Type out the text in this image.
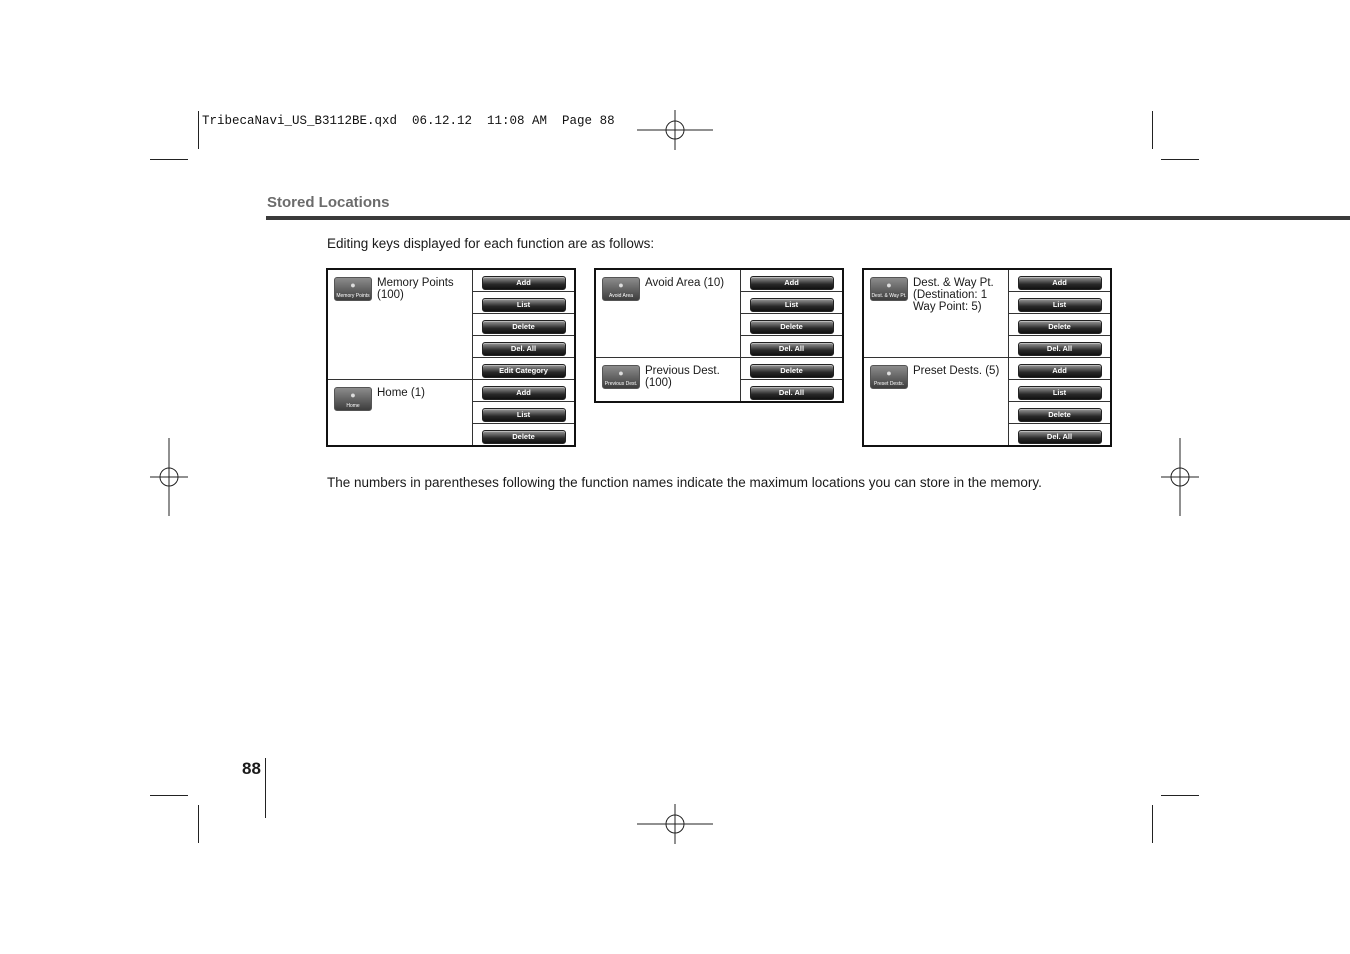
TribecaNavi_US_B3112BE.qxd  06.12.12  11:08 AM  Page 88
Stored Locations
Editing keys displayed for each function are as follows:
●
Memory Points
Memory Points (100)	Add
	List
	Delete
	Del. All
	Edit Category

●
Home
Home (1)	Add
	List
	Delete
●
Avoid Area
Avoid Area (10)	Add
	List
	Delete
	Del. All

●
Previous Dest.
Previous Dest. (100)	Delete
	Del. All
●
Dest. & Way Pt.
Dest. & Way Pt. (Destination: 1 Way Point: 5)	Add
	List
	Delete
	Del. All

●
Preset Dests.
Preset Dests. (5)	Add
	List
	Delete
	Del. All
The numbers in parentheses following the function names indicate the maximum locations you can store in the memory.
88
